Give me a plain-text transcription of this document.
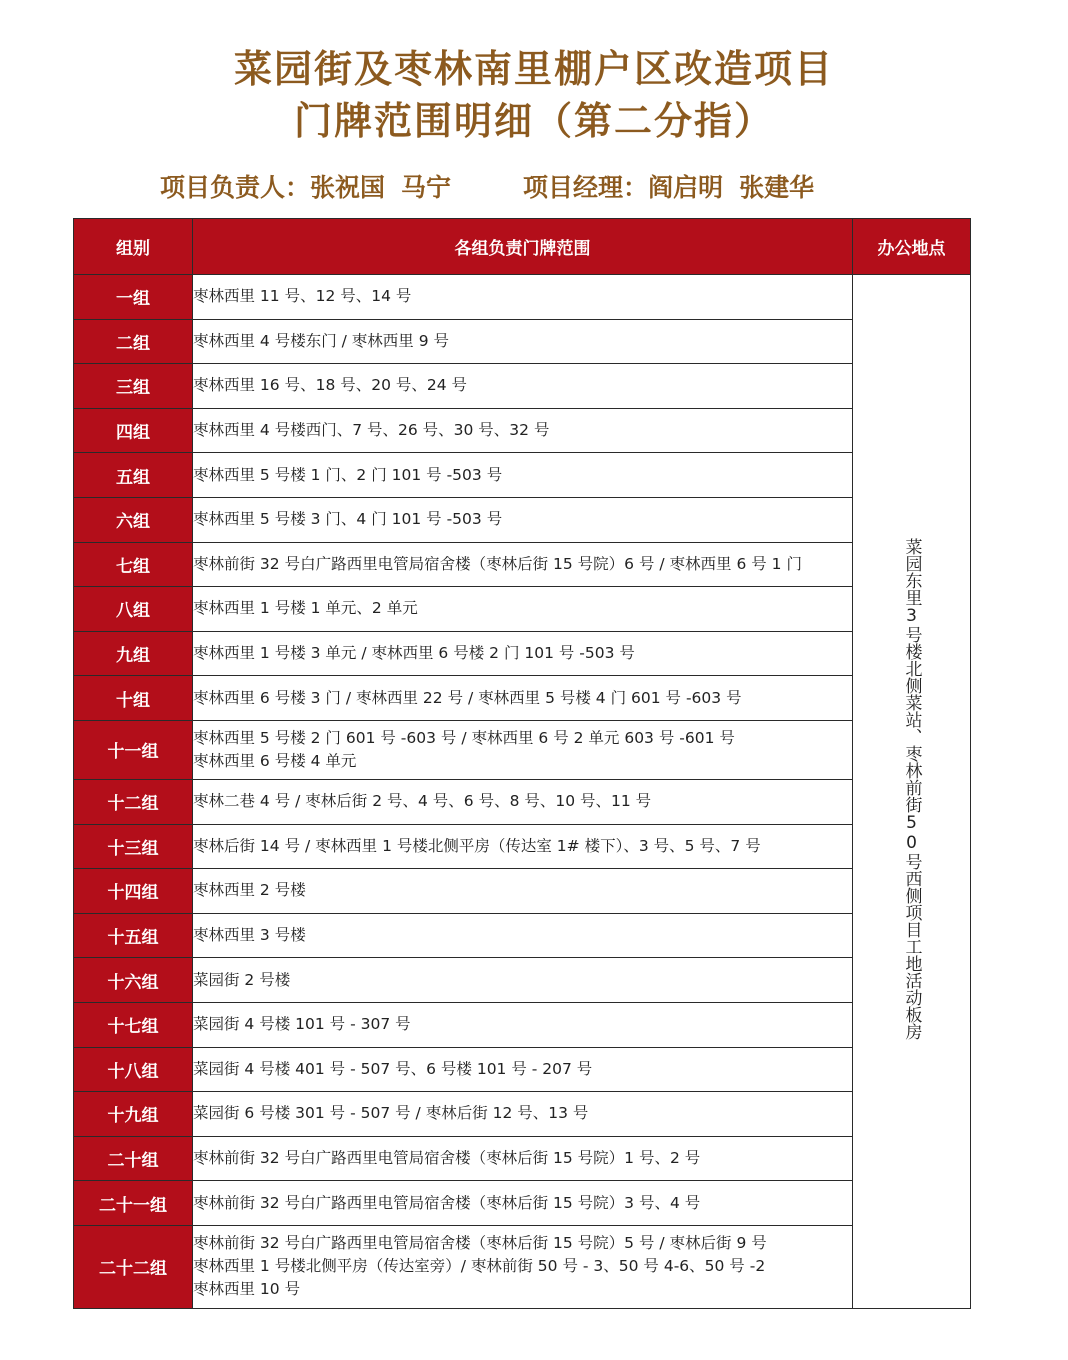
菜园街及枣林南里棚户区改造项目
门牌范围明细（第二分指）
项目负责人：张祝国 马宁	项目经理：阎启明 张建华
组别	各组负责门牌范围	办公地点
一组	枣林西里 11 号、12 号、14 号	菜园东里3号楼北侧菜站、枣林前街50号西侧项目工地活动板房
二组	枣林西里 4 号楼东门 / 枣林西里 9 号	

三组	枣林西里 16 号、18 号、20 号、24 号	

四组	枣林西里 4 号楼西门、7 号、26 号、30 号、32 号	

五组	枣林西里 5 号楼 1 门、2 门 101 号 -503 号	

六组	枣林西里 5 号楼 3 门、4 门 101 号 -503 号	

七组	枣林前街 32 号白广路西里电管局宿舍楼（枣林后街 15 号院）6 号 / 枣林西里 6 号 1 门	

八组	枣林西里 1 号楼 1 单元、2 单元	

九组	枣林西里 1 号楼 3 单元 / 枣林西里 6 号楼 2 门 101 号 -503 号	

十组	枣林西里 6 号楼 3 门 / 枣林西里 22 号 / 枣林西里 5 号楼 4 门 601 号 -603 号	

十一组	枣林西里 5 号楼 2 门 601 号 -603 号 / 枣林西里 6 号 2 单元 603 号 -601 号
枣林西里 6 号楼 4 单元	

十二组	枣林二巷 4 号 / 枣林后街 2 号、4 号、6 号、8 号、10 号、11 号	

十三组	枣林后街 14 号 / 枣林西里 1 号楼北侧平房（传达室 1# 楼下）、3 号、5 号、7 号	

十四组	枣林西里 2 号楼	

十五组	枣林西里 3 号楼	

十六组	菜园街 2 号楼	

十七组	菜园街 4 号楼 101 号 - 307 号	

十八组	菜园街 4 号楼 401 号 - 507 号、6 号楼 101 号 - 207 号	

十九组	菜园街 6 号楼 301 号 - 507 号 / 枣林后街 12 号、13 号	

二十组	枣林前街 32 号白广路西里电管局宿舍楼（枣林后街 15 号院）1 号、2 号	

二十一组	枣林前街 32 号白广路西里电管局宿舍楼（枣林后街 15 号院）3 号、4 号	

二十二组	枣林前街 32 号白广路西里电管局宿舍楼（枣林后街 15 号院）5 号 / 枣林后街 9 号
枣林西里 1 号楼北侧平房（传达室旁）/ 枣林前街 50 号 - 3、50 号 4-6、50 号 -2
枣林西里 10 号	
